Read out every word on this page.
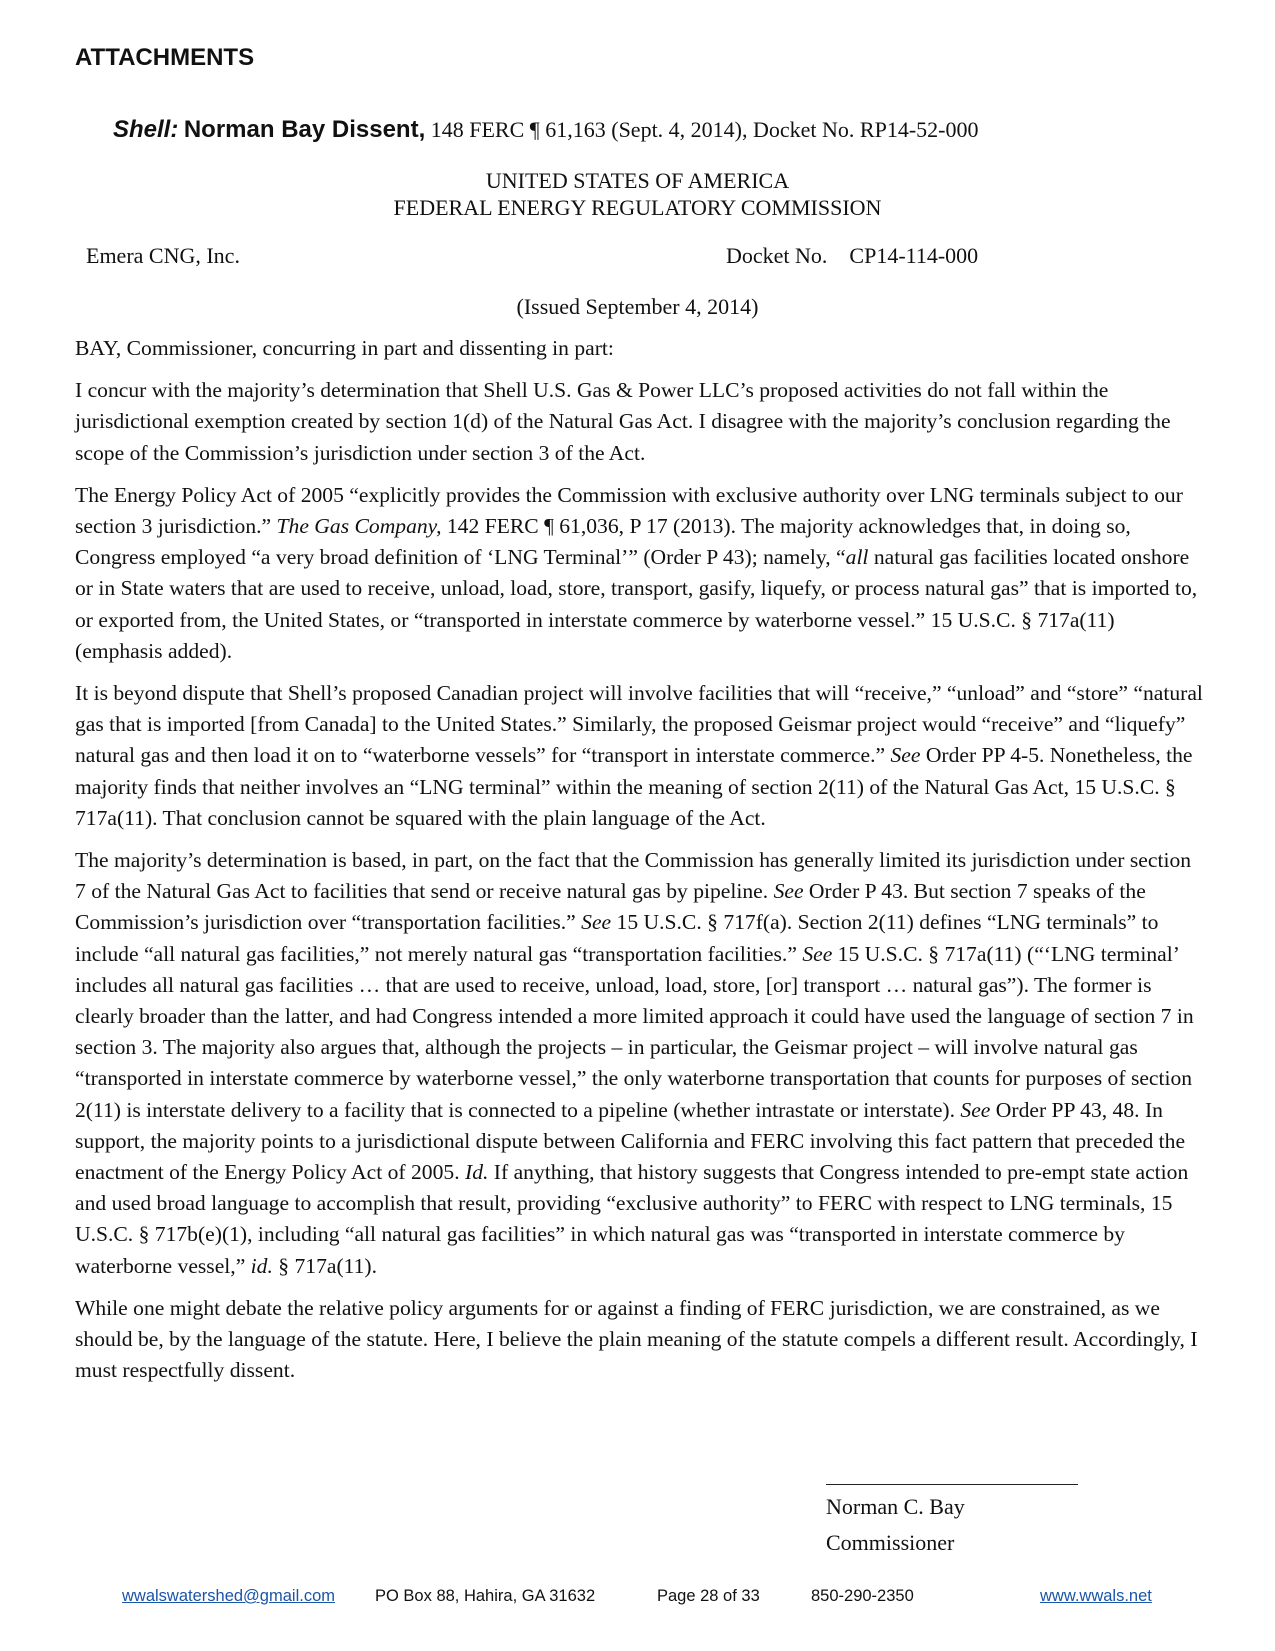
ATTACHMENTS
Shell: Norman Bay Dissent, 148 FERC ¶ 61,163 (Sept. 4, 2014), Docket No. RP14-52-000
UNITED STATES OF AMERICA
FEDERAL ENERGY REGULATORY COMMISSION
Emera CNG, Inc.	Docket No.    CP14-114-000
(Issued September 4, 2014)

BAY, Commissioner, concurring in part and dissenting in part:

I concur with the majority’s determination that Shell U.S. Gas & Power LLC’s proposed activities do not fall within the jurisdictional exemption created by section 1(d) of the Natural Gas Act. I disagree with the majority’s conclusion regarding the scope of the Commission’s jurisdiction under section 3 of the Act.

The Energy Policy Act of 2005 “explicitly provides the Commission with exclusive authority over LNG terminals subject to our section 3 jurisdiction.” The Gas Company, 142 FERC ¶ 61,036, P 17 (2013). The majority acknowledges that, in doing so, Congress employed “a very broad definition of ‘LNG Terminal’” (Order P 43); namely, “all natural gas facilities located onshore or in State waters that are used to receive, unload, load, store, transport, gasify, liquefy, or process natural gas” that is imported to, or exported from, the United States, or “transported in interstate commerce by waterborne vessel.” 15 U.S.C. § 717a(11) (emphasis added).

It is beyond dispute that Shell’s proposed Canadian project will involve facilities that will “receive,” “unload” and “store” “natural gas that is imported [from Canada] to the United States.” Similarly, the proposed Geismar project would “receive” and “liquefy” natural gas and then load it on to “waterborne vessels” for “transport in interstate commerce.” See Order PP 4-5. Nonetheless, the majority finds that neither involves an “LNG terminal” within the meaning of section 2(11) of the Natural Gas Act, 15 U.S.C. § 717a(11). That conclusion cannot be squared with the plain language of the Act.

The majority’s determination is based, in part, on the fact that the Commission has generally limited its jurisdiction under section 7 of the Natural Gas Act to facilities that send or receive natural gas by pipeline. See Order P 43. But section 7 speaks of the Commission’s jurisdiction over “transportation facilities.” See 15 U.S.C. § 717f(a). Section 2(11) defines “LNG terminals” to include “all natural gas facilities,” not merely natural gas “transportation facilities.” See 15 U.S.C. § 717a(11) (“‘LNG terminal’ includes all natural gas facilities … that are used to receive, unload, load, store, [or] transport … natural gas”). The former is clearly broader than the latter, and had Congress intended a more limited approach it could have used the language of section 7 in section 3. The majority also argues that, although the projects – in particular, the Geismar project – will involve natural gas “transported in interstate commerce by waterborne vessel,” the only waterborne transportation that counts for purposes of section 2(11) is interstate delivery to a facility that is connected to a pipeline (whether intrastate or interstate). See Order PP 43, 48. In support, the majority points to a jurisdictional dispute between California and FERC involving this fact pattern that preceded the enactment of the Energy Policy Act of 2005. Id. If anything, that history suggests that Congress intended to pre-empt state action and used broad language to accomplish that result, providing “exclusive authority” to FERC with respect to LNG terminals, 15 U.S.C. § 717b(e)(1), including “all natural gas facilities” in which natural gas was “transported in interstate commerce by waterborne vessel,” id. § 717a(11).

While one might debate the relative policy arguments for or against a finding of FERC jurisdiction, we are constrained, as we should be, by the language of the statute. Here, I believe the plain meaning of the statute compels a different result. Accordingly, I must respectfully dissent.

Norman C. Bay
Commissioner
wwalswatershed@gmail.com PO Box 88, Hahira, GA 31632	Page 28 of 33	850-290-2350	www.wwals.net
